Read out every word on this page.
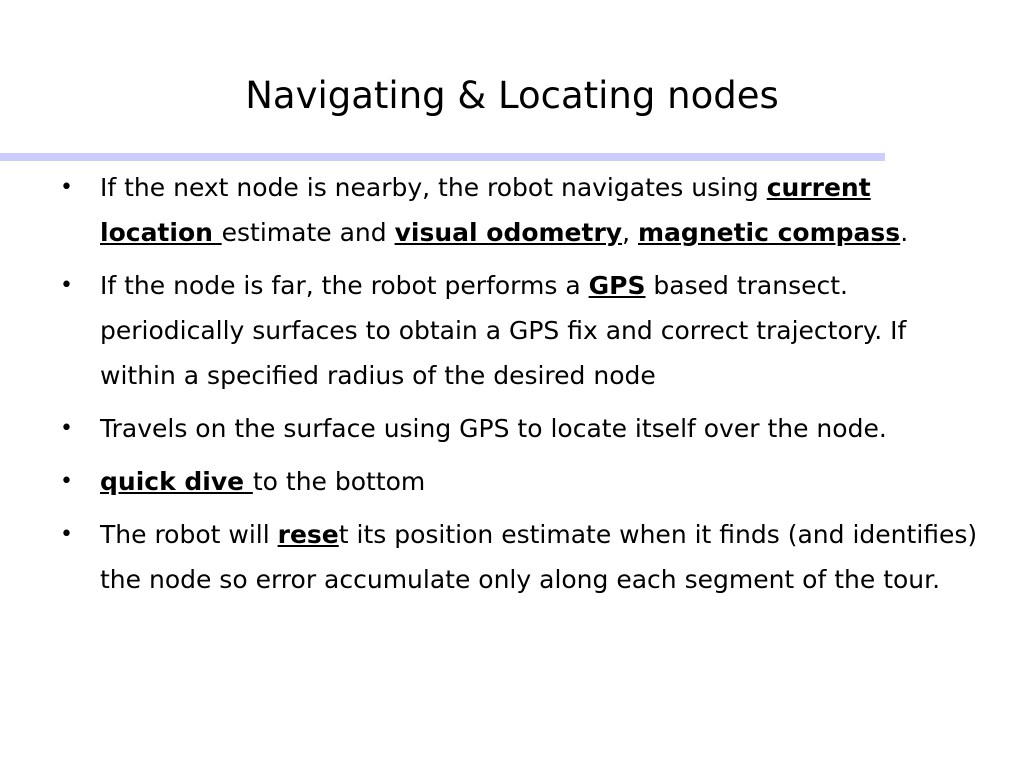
Navigating & Locating nodes
• If the next node is nearby, the robot navigates using current location estimate and visual odometry, magnetic compass.
• If the node is far, the robot performs a GPS based transect. periodically surfaces to obtain a GPS fix and correct trajectory. If within a specified radius of the desired node
• Travels on the surface using GPS to locate itself over the node.
• quick dive to the bottom
• The robot will reset its position estimate when it finds (and identifies) the node so error accumulate only along each segment of the tour.
